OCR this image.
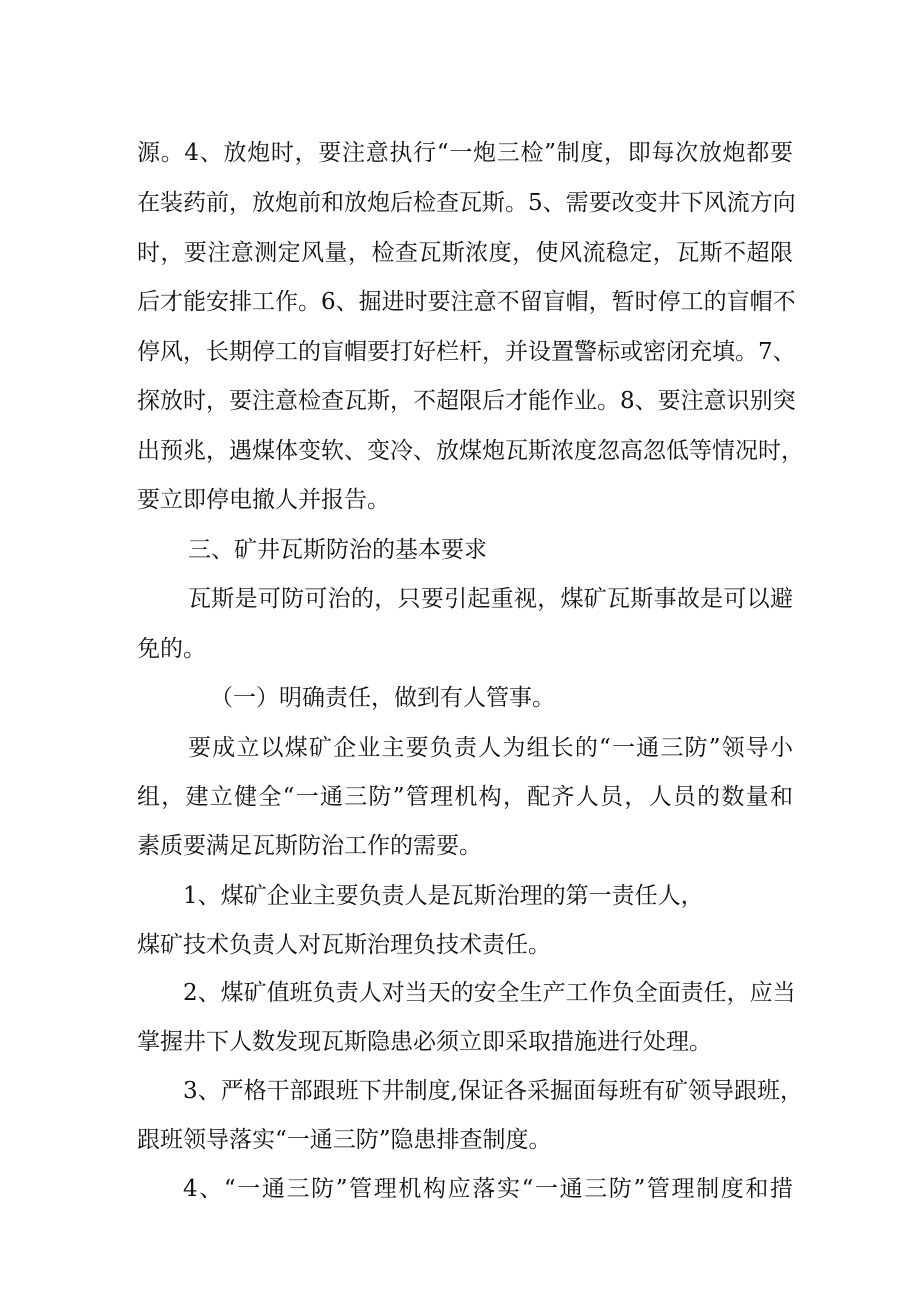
源。4、放炮时，要注意执行“一炮三检”制度，即每次放炮都要

在装药前，放炮前和放炮后检查瓦斯。5、需要改变井下风流方向

时，要注意测定风量，检查瓦斯浓度，使风流稳定，瓦斯不超限

后才能安排工作。6、掘进时要注意不留盲帽，暂时停工的盲帽不

停风，长期停工的盲帽要打好栏杆，并设置警标或密闭充填。7、

探放时，要注意检查瓦斯，不超限后才能作业。8、要注意识别突

出预兆，遇煤体变软、变冷、放煤炮瓦斯浓度忽高忽低等情况时，

要立即停电撤人并报告。

三、矿井瓦斯防治的基本要求

瓦斯是可防可治的，只要引起重视，煤矿瓦斯事故是可以避

免的。

（一）明确责任，做到有人管事。

要成立以煤矿企业主要负责人为组长的“一通三防”领导小

组，建立健全“一通三防”管理机构，配齐人员，人员的数量和

素质要满足瓦斯防治工作的需要。

1、煤矿企业主要负责人是瓦斯治理的第一责任人，

煤矿技术负责人对瓦斯治理负技术责任。

2、煤矿值班负责人对当天的安全生产工作负全面责任，应当

掌握井下人数发现瓦斯隐患必须立即采取措施进行处理。

3、严格干部跟班下井制度,保证各采掘面每班有矿领导跟班，

跟班领导落实“一通三防”隐患排查制度。

4、“一通三防”管理机构应落实“一通三防”管理制度和措
